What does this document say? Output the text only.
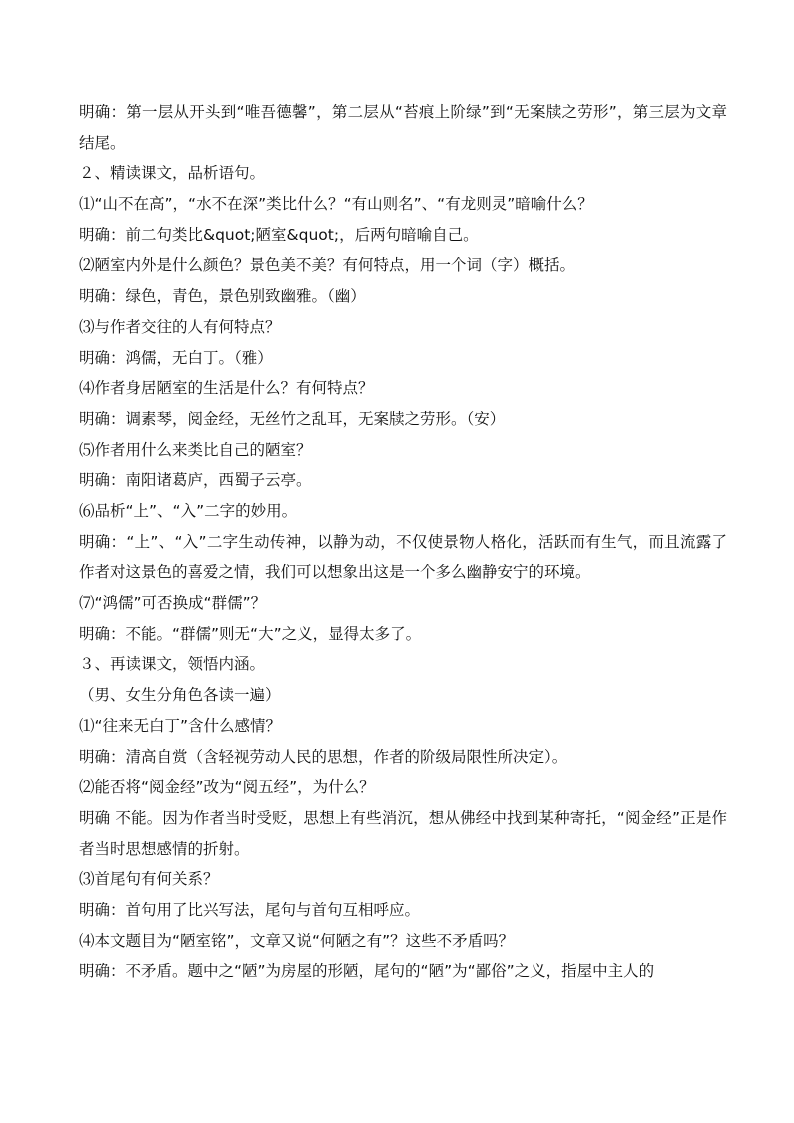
明确：第一层从开头到“唯吾德馨”，第二层从“苔痕上阶绿”到“无案牍之劳形”，第三层为文章结尾。

２、精读课文，品析语句。

⑴“山不在高”，“水不在深”类比什么？“有山则名”、“有龙则灵”暗喻什么？

明确：前二句类比&quot;陋室&quot;，后两句暗喻自己。

⑵陋室内外是什么颜色？景色美不美？有何特点，用一个词（字）概括。

明确：绿色，青色，景色别致幽雅。（幽）

⑶与作者交往的人有何特点？

明确：鸿儒，无白丁。（雅）

⑷作者身居陋室的生活是什么？有何特点？

明确：调素琴，阅金经，无丝竹之乱耳，无案牍之劳形。（安）

⑸作者用什么来类比自己的陋室？

明确：南阳诸葛庐，西蜀子云亭。

⑹品析“上”、“入”二字的妙用。

明确：“上”、“入”二字生动传神，以静为动，不仅使景物人格化，活跃而有生气，而且流露了作者对这景色的喜爱之情，我们可以想象出这是一个多么幽静安宁的环境。

⑺“鸿儒”可否换成“群儒”？

明确：不能。“群儒”则无“大”之义，显得太多了。

３、再读课文，领悟内涵。

（男、女生分角色各读一遍）

⑴“往来无白丁”含什么感情？

明确：清高自赏（含轻视劳动人民的思想，作者的阶级局限性所决定）。

⑵能否将“阅金经”改为“阅五经”，为什么？

明确 不能。因为作者当时受贬，思想上有些消沉，想从佛经中找到某种寄托，“阅金经”正是作者当时思想感情的折射。

⑶首尾句有何关系？

明确：首句用了比兴写法，尾句与首句互相呼应。

⑷本文题目为“陋室铭”，文章又说“何陋之有”？这些不矛盾吗？

明确：不矛盾。题中之“陋”为房屋的形陋，尾句的“陋”为“鄙俗”之义，指屋中主人的
